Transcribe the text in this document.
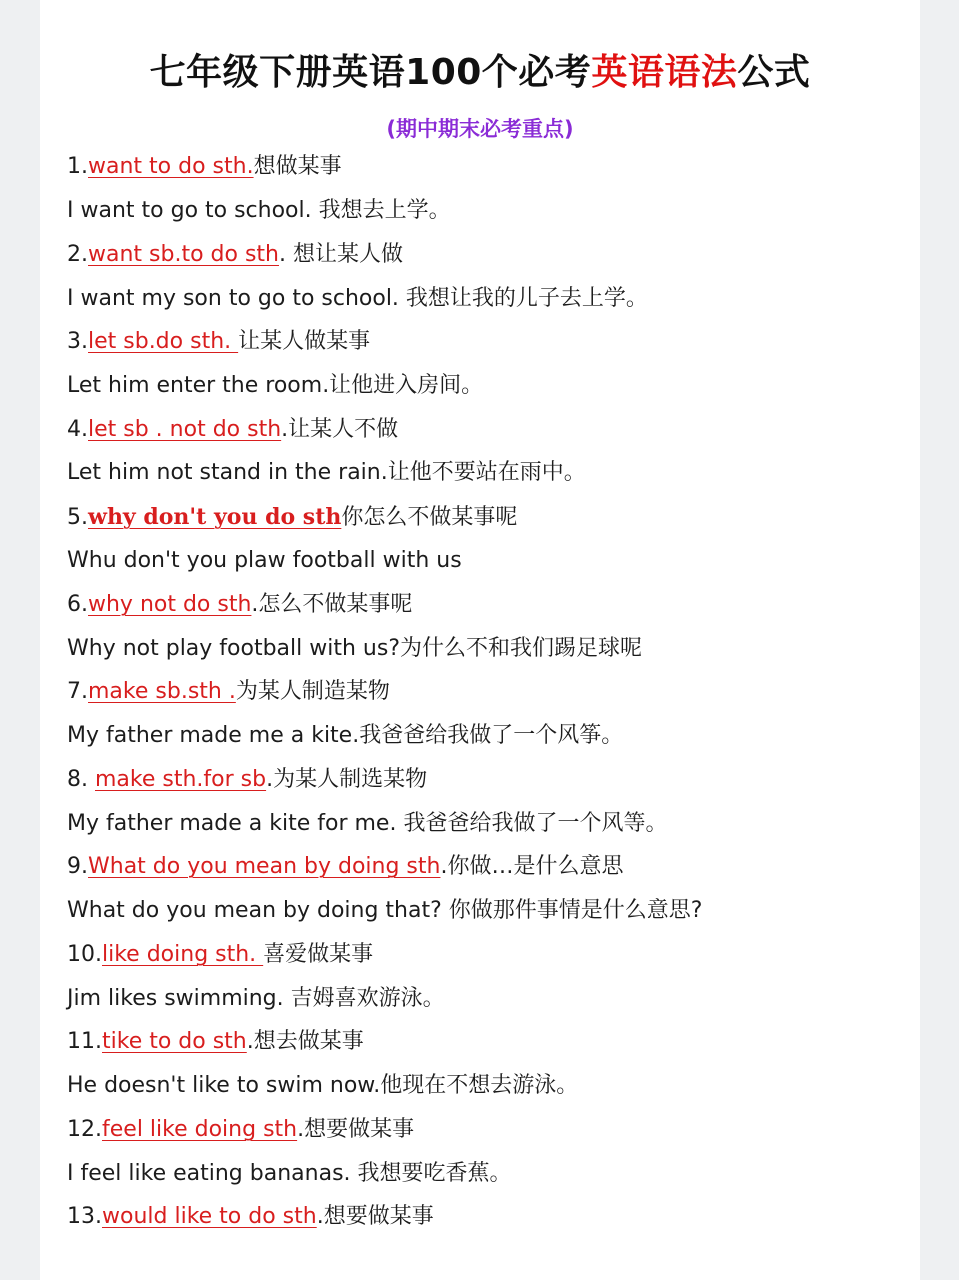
七年级下册英语100个必考英语语法公式
(期中期末必考重点)
1.want to do sth.想做某事
I want to go to school. 我想去上学。
2.want sb.to do sth. 想让某人做
I want my son to go to school. 我想让我的儿子去上学。
3.let sb.do sth. 让某人做某事
Let him enter the room.让他进入房间。
4.let sb . not do sth.让某人不做
Let him not stand in the rain.让他不要站在雨中。
5.why don't you do sth你怎么不做某事呢
Whu don't you plaw football with us
6.why not do sth.怎么不做某事呢
Why not play football with us?为什么不和我们踢足球呢
7.make sb.sth .为某人制造某物
My father made me a kite.我爸爸给我做了一个风筝。
8. make sth.for sb.为某人制选某物
My father made a kite for me. 我爸爸给我做了一个风等。
9.What do you mean by doing sth.你做…是什么意思
What do you mean by doing that? 你做那件事情是什么意思?
10.like doing sth. 喜爱做某事
Jim likes swimming. 吉姆喜欢游泳。
11.tike to do sth.想去做某事
He doesn't like to swim now.他现在不想去游泳。
12.feel like doing sth.想要做某事
I feel like eating bananas. 我想要吃香蕉。
13.would like to do sth.想要做某事
